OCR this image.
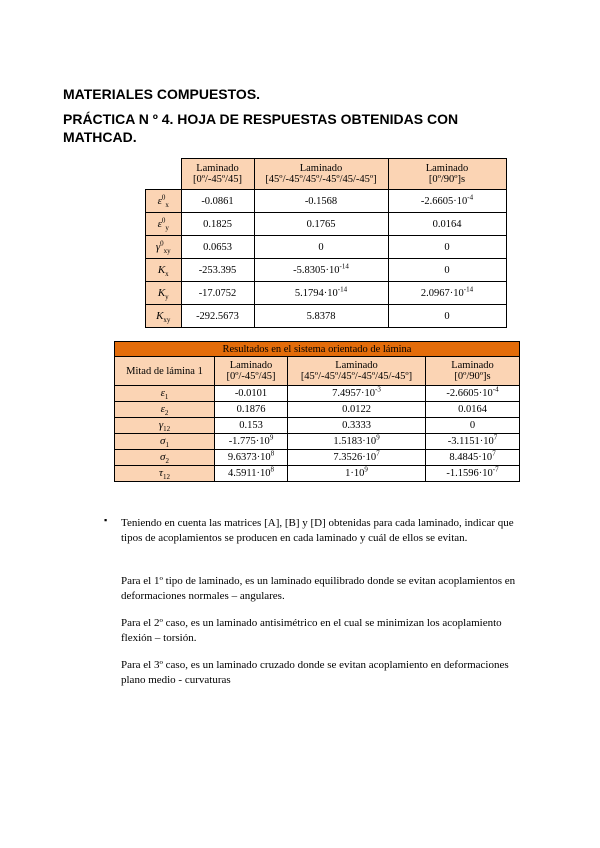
MATERIALES COMPUESTOS.
PRÁCTICA N º 4. HOJA DE RESPUESTAS OBTENIDAS CON MATHCAD.
	Laminado
[0º/-45º/45]	Laminado
[45º/-45º/45º/-45º/45/-45º]	Laminado
[0º/90º]s
$\varepsilon^0_x$	-0.0861	-0.1568	$-2.6605\cdot 10^{-4}$
$\varepsilon^0_y$	0.1825	0.1765	0.0164
$\gamma^0_{xy}$	0.0653	0	0
$K_x$	-253.395	$-5.8305\cdot 10^{-14}$	0
$K_y$	-17.0752	$5.1794\cdot 10^{-14}$	$2.0967\cdot 10^{-14}$
$K_{xy}$	-292.5673	5.8378	0
Resultados en el sistema orientado de lámina			
Mitad de lámina 1	Laminado
[0º/-45º/45]	Laminado
[45º/-45º/45º/-45º/45/-45º]	Laminado
[0º/90º]s
$\varepsilon_1$	-0.0101	$7.4957\cdot 10^{-3}$	$-2.6605\cdot 10^{-4}$
$\varepsilon_2$	0.1876	0.0122	0.0164
$\gamma_{12}$	0.153	0.3333	0
$\sigma_1$	$-1.775\cdot 10^9$	$1.5183\cdot 10^9$	$-3.1151\cdot 10^7$
$\sigma_2$	$9.6373\cdot 10^8$	$7.3526\cdot 10^7$	$8.4845\cdot 10^7$
$\tau_{12}$	$4.5911\cdot 10^8$	$1\cdot 10^9$	$-1.1596\cdot 10^{-7}$
▪ Teniendo en cuenta las matrices [A], [B] y [D] obtenidas para cada laminado, indicar que tipos de acoplamientos se producen en cada laminado y cuál de ellos se evitan.

Para el 1º tipo de laminado, es un laminado equilibrado donde se evitan acoplamientos en deformaciones normales – angulares.

Para el 2º caso, es un laminado antisimétrico en el cual se minimizan los acoplamiento flexión – torsión.

Para el 3º caso, es un laminado cruzado donde se evitan acoplamiento en deformaciones plano medio - curvaturas
